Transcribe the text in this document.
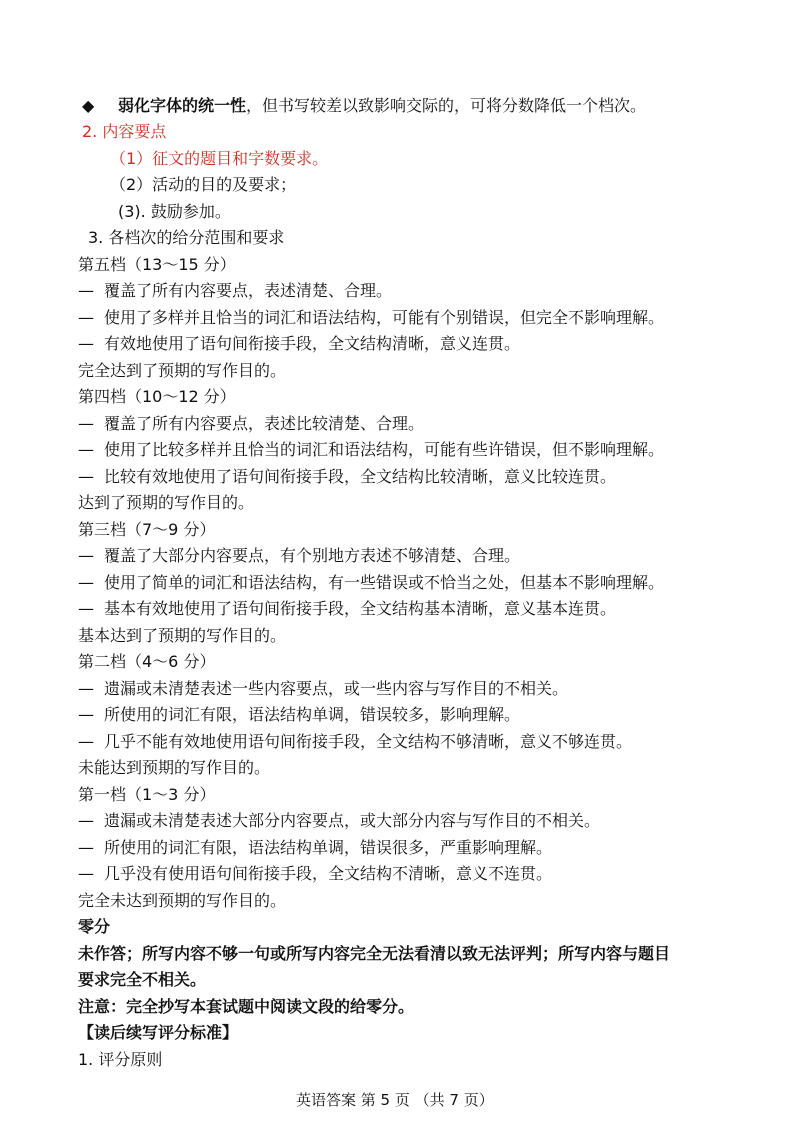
◆ 弱化字体的统一性，但书写较差以致影响交际的，可将分数降低一个档次。
2. 内容要点
（1）征文的题目和字数要求。
（2）活动的目的及要求；
(3). 鼓励参加。
3. 各档次的给分范围和要求
第五档（13～15 分）
— 覆盖了所有内容要点，表述清楚、合理。
— 使用了多样并且恰当的词汇和语法结构，可能有个别错误，但完全不影响理解。
— 有效地使用了语句间衔接手段，全文结构清晰，意义连贯。
完全达到了预期的写作目的。
第四档（10～12 分）
— 覆盖了所有内容要点，表述比较清楚、合理。
— 使用了比较多样并且恰当的词汇和语法结构，可能有些许错误，但不影响理解。
— 比较有效地使用了语句间衔接手段，全文结构比较清晰，意义比较连贯。
达到了预期的写作目的。
第三档（7～9 分）
— 覆盖了大部分内容要点，有个别地方表述不够清楚、合理。
— 使用了简单的词汇和语法结构，有一些错误或不恰当之处，但基本不影响理解。
— 基本有效地使用了语句间衔接手段，全文结构基本清晰，意义基本连贯。
基本达到了预期的写作目的。
第二档（4～6 分）
— 遗漏或未清楚表述一些内容要点，或一些内容与写作目的不相关。
— 所使用的词汇有限，语法结构单调，错误较多，影响理解。
— 几乎不能有效地使用语句间衔接手段，全文结构不够清晰，意义不够连贯。
未能达到预期的写作目的。
第一档（1～3 分）
— 遗漏或未清楚表述大部分内容要点，或大部分内容与写作目的不相关。
— 所使用的词汇有限，语法结构单调，错误很多，严重影响理解。
— 几乎没有使用语句间衔接手段，全文结构不清晰，意义不连贯。
完全未达到预期的写作目的。
零分
未作答；所写内容不够一句或所写内容完全无法看清以致无法评判；所写内容与题目
要求完全不相关。
注意：完全抄写本套试题中阅读文段的给零分。
【读后续写评分标准】
1. 评分原则
英语答案 第 5 页 （共 7 页）
